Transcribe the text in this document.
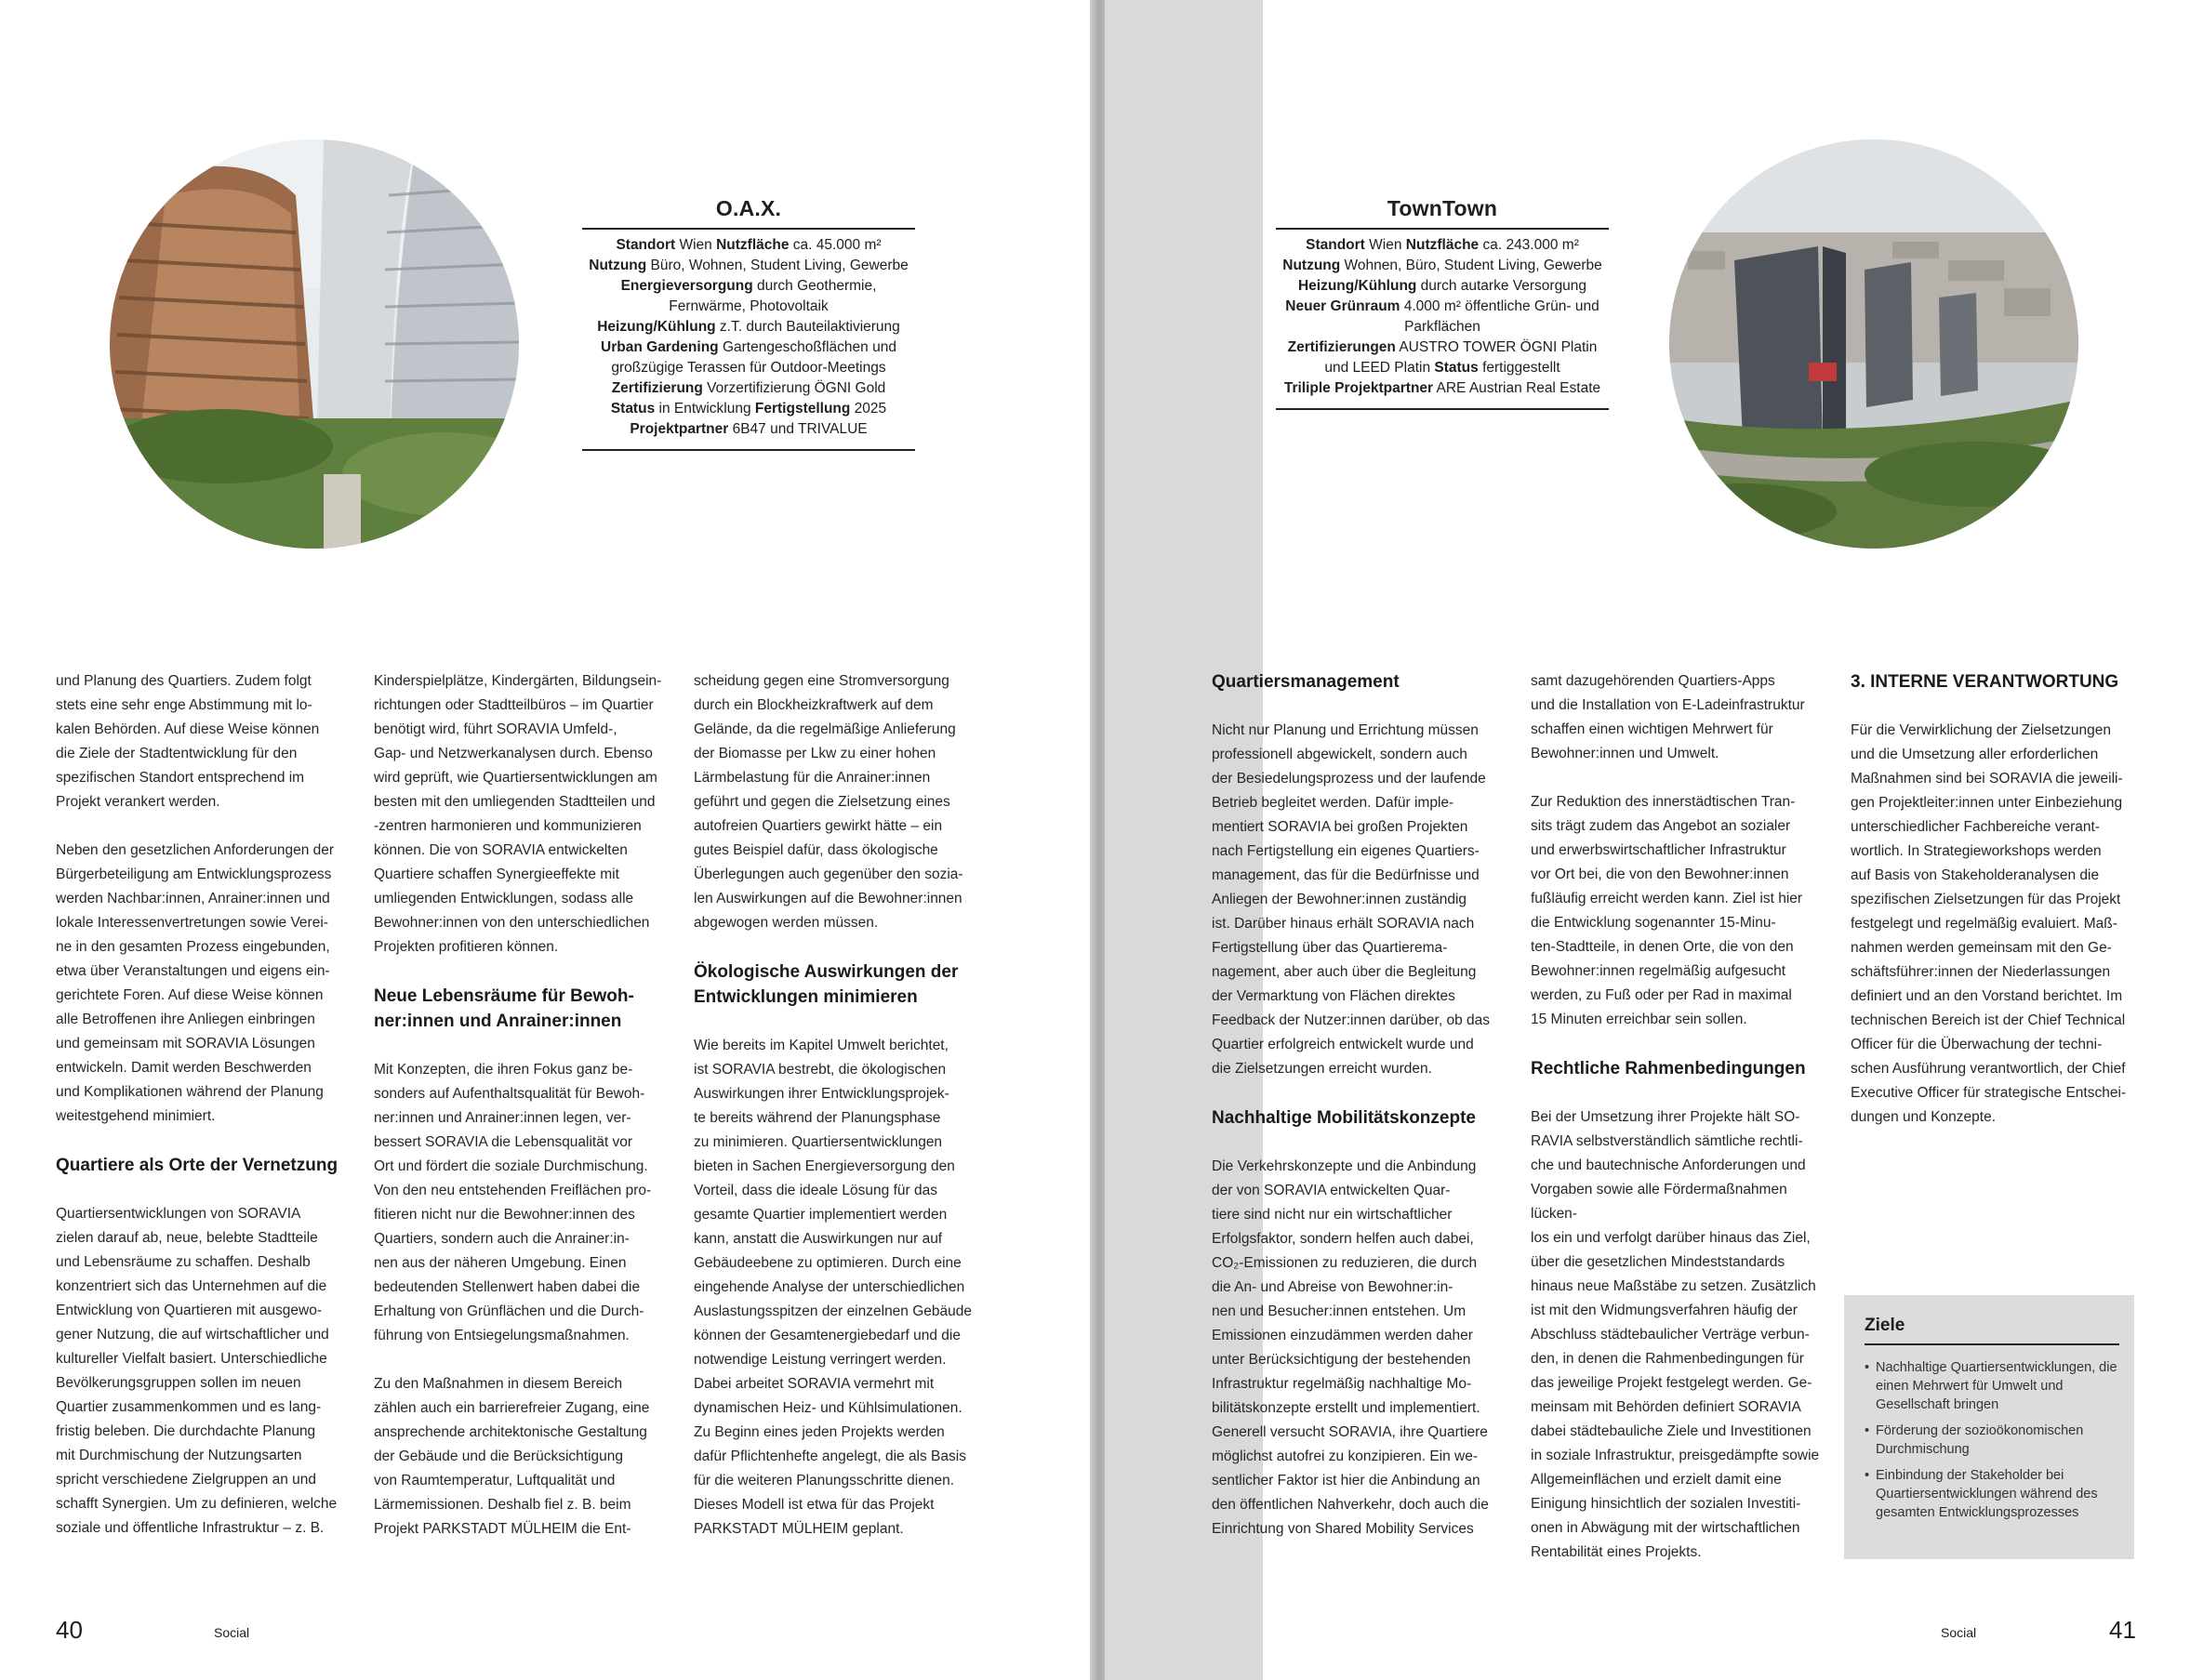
O.A.X.
Standort Wien Nutzfläche ca. 45.000 m²
Nutzung Büro, Wohnen, Student Living, Gewerbe
Energieversorgung durch Geothermie, Fernwärme, Photovoltaik
Heizung/Kühlung z.T. durch Bauteilaktivierung
Urban Gardening Gartengeschoßflächen und großzügige Terassen für Outdoor-Meetings
Zertifizierung Vorzertifizierung ÖGNI Gold
Status in Entwicklung Fertigstellung 2025
Projektpartner 6B47 und TRIVALUE

und Planung des Quartiers. Zudem folgt
stets eine sehr enge Abstimmung mit lo-
kalen Behörden. Auf diese Weise können
die Ziele der Stadtentwicklung für den
spezifischen Standort entsprechend im
Projekt verankert werden.

Neben den gesetzlichen Anforderungen der
Bürgerbeteiligung am Entwicklungsprozess
werden Nachbar:innen, Anrainer:innen und
lokale Interessenvertretungen sowie Verei-
ne in den gesamten Prozess eingebunden,
etwa über Veranstaltungen und eigens ein-
gerichtete Foren. Auf diese Weise können
alle Betroffenen ihre Anliegen einbringen
und gemeinsam mit SORAVIA Lösungen
entwickeln. Damit werden Beschwerden
und Komplikationen während der Planung
weitestgehend minimiert.

Quartiere als Orte der Vernetzung

Quartiersentwicklungen von SORAVIA
zielen darauf ab, neue, belebte Stadtteile
und Lebensräume zu schaffen. Deshalb
konzentriert sich das Unternehmen auf die
Entwicklung von Quartieren mit ausgewo-
gener Nutzung, die auf wirtschaftlicher und
kultureller Vielfalt basiert. Unterschiedliche
Bevölkerungsgruppen sollen im neuen
Quartier zusammenkommen und es lang-
fristig beleben. Die durchdachte Planung
mit Durchmischung der Nutzungsarten
spricht verschiedene Zielgruppen an und
schafft Synergien. Um zu definieren, welche
soziale und öffentliche Infrastruktur – z. B.

Kinderspielplätze, Kindergärten, Bildungsein-
richtungen oder Stadtteilbüros – im Quartier
benötigt wird, führt SORAVIA Umfeld-,
Gap- und Netzwerkanalysen durch. Ebenso
wird geprüft, wie Quartiersentwicklungen am
besten mit den umliegenden Stadtteilen und
-zentren harmonieren und kommunizieren
können. Die von SORAVIA entwickelten
Quartiere schaffen Synergieeffekte mit
umliegenden Entwicklungen, sodass alle
Bewohner:innen von den unterschiedlichen
Projekten profitieren können.

Neue Lebensräume für Bewoh-
ner:innen und Anrainer:innen

Mit Konzepten, die ihren Fokus ganz be-
sonders auf Aufenthaltsqualität für Bewoh-
ner:innen und Anrainer:innen legen, ver-
bessert SORAVIA die Lebensqualität vor
Ort und fördert die soziale Durchmischung.
Von den neu entstehenden Freiflächen pro-
fitieren nicht nur die Bewohner:innen des
Quartiers, sondern auch die Anrainer:in-
nen aus der näheren Umgebung. Einen
bedeutenden Stellenwert haben dabei die
Erhaltung von Grünflächen und die Durch-
führung von Entsiegelungsmaßnahmen.

Zu den Maßnahmen in diesem Bereich
zählen auch ein barrierefreier Zugang, eine
ansprechende architektonische Gestaltung
der Gebäude und die Berücksichtigung
von Raumtemperatur, Luftqualität und
Lärmemissionen. Deshalb fiel z. B. beim
Projekt PARKSTADT MÜLHEIM die Ent-

scheidung gegen eine Stromversorgung
durch ein Blockheizkraftwerk auf dem
Gelände, da die regelmäßige Anlieferung
der Biomasse per Lkw zu einer hohen
Lärmbelastung für die Anrainer:innen
geführt und gegen die Zielsetzung eines
autofreien Quartiers gewirkt hätte – ein
gutes Beispiel dafür, dass ökologische
Überlegungen auch gegenüber den sozia-
len Auswirkungen auf die Bewohner:innen
abgewogen werden müssen.

Ökologische Auswirkungen der
Entwicklungen minimieren

Wie bereits im Kapitel Umwelt berichtet,
ist SORAVIA bestrebt, die ökologischen
Auswirkungen ihrer Entwicklungsprojek-
te bereits während der Planungsphase
zu minimieren. Quartiersentwicklungen
bieten in Sachen Energieversorgung den
Vorteil, dass die ideale Lösung für das
gesamte Quartier implementiert werden
kann, anstatt die Auswirkungen nur auf
Gebäudeebene zu optimieren. Durch eine
eingehende Analyse der unterschiedlichen
Auslastungsspitzen der einzelnen Gebäude
können der Gesamtenergiebedarf und die
notwendige Leistung verringert werden.
Dabei arbeitet SORAVIA vermehrt mit
dynamischen Heiz- und Kühlsimulationen.
Zu Beginn eines jeden Projekts werden
dafür Pflichtenhefte angelegt, die als Basis
für die weiteren Planungsschritte dienen.
Dieses Modell ist etwa für das Projekt
PARKSTADT MÜLHEIM geplant.

40	Social
TownTown
Standort Wien Nutzfläche ca. 243.000 m²
Nutzung Wohnen, Büro, Student Living, Gewerbe
Heizung/Kühlung durch autarke Versorgung
Neuer Grünraum 4.000 m² öffentliche Grün- und Parkflächen
Zertifizierungen AUSTRO TOWER ÖGNI Platin und LEED Platin Status fertiggestellt
Triliple Projektpartner ARE Austrian Real Estate
Quartiersmanagement

Nicht nur Planung und Errichtung müssen
professionell abgewickelt, sondern auch
der Besiedelungsprozess und der laufende
Betrieb begleitet werden. Dafür imple-
mentiert SORAVIA bei großen Projekten
nach Fertigstellung ein eigenes Quartiers-
management, das für die Bedürfnisse und
Anliegen der Bewohner:innen zuständig
ist. Darüber hinaus erhält SORAVIA nach
Fertigstellung über das Quartierema-
nagement, aber auch über die Begleitung
der Vermarktung von Flächen direktes
Feedback der Nutzer:innen darüber, ob das
Quartier erfolgreich entwickelt wurde und
die Zielsetzungen erreicht wurden.

Nachhaltige Mobilitätskonzepte

Die Verkehrskonzepte und die Anbindung
der von SORAVIA entwickelten Quar-
tiere sind nicht nur ein wirtschaftlicher
Erfolgsfaktor, sondern helfen auch dabei,
CO₂-Emissionen zu reduzieren, die durch
die An- und Abreise von Bewohner:in-
nen und Besucher:innen entstehen. Um
Emissionen einzudämmen werden daher
unter Berücksichtigung der bestehenden
Infrastruktur regelmäßig nachhaltige Mo-
bilitätskonzepte erstellt und implementiert.
Generell versucht SORAVIA, ihre Quartiere
möglichst autofrei zu konzipieren. Ein we-
sentlicher Faktor ist hier die Anbindung an
den öffentlichen Nahverkehr, doch auch die
Einrichtung von Shared Mobility Services

samt dazugehörenden Quartiers-Apps
und die Installation von E-Ladeinfrastruktur
schaffen einen wichtigen Mehrwert für
Bewohner:innen und Umwelt.

Zur Reduktion des innerstädtischen Tran-
sits trägt zudem das Angebot an sozialer
und erwerbswirtschaftlicher Infrastruktur
vor Ort bei, die von den Bewohner:innen
fußläufig erreicht werden kann. Ziel ist hier
die Entwicklung sogenannter 15-Minu-
ten-Stadtteile, in denen Orte, die von den
Bewohner:innen regelmäßig aufgesucht
werden, zu Fuß oder per Rad in maximal
15 Minuten erreichbar sein sollen.

Rechtliche Rahmenbedingungen

Bei der Umsetzung ihrer Projekte hält SO-
RAVIA selbstverständlich sämtliche rechtli-
che und bautechnische Anforderungen und
Vorgaben sowie alle Fördermaßnahmen lücken-
los ein und verfolgt darüber hinaus das Ziel,
über die gesetzlichen Mindeststandards
hinaus neue Maßstäbe zu setzen. Zusätzlich
ist mit den Widmungsverfahren häufig der
Abschluss städtebaulicher Verträge verbun-
den, in denen die Rahmenbedingungen für
das jeweilige Projekt festgelegt werden. Ge-
meinsam mit Behörden definiert SORAVIA
dabei städtebauliche Ziele und Investitionen
in soziale Infrastruktur, preisgedämpfte sowie
Allgemeinflächen und erzielt damit eine
Einigung hinsichtlich der sozialen Investiti-
onen in Abwägung mit der wirtschaftlichen
Rentabilität eines Projekts.

3. INTERNE VERANTWORTUNG

Für die Verwirklichung der Zielsetzungen
und die Umsetzung aller erforderlichen
Maßnahmen sind bei SORAVIA die jeweili-
gen Projektleiter:innen unter Einbeziehung
unterschiedlicher Fachbereiche verant-
wortlich. In Strategieworkshops werden
auf Basis von Stakeholderanalysen die
spezifischen Zielsetzungen für das Projekt
festgelegt und regelmäßig evaluiert. Maß-
nahmen werden gemeinsam mit den Ge-
schäftsführer:innen der Niederlassungen
definiert und an den Vorstand berichtet. Im
technischen Bereich ist der Chief Technical
Officer für die Überwachung der techni-
schen Ausführung verantwortlich, der Chief
Executive Officer für strategische Entschei-
dungen und Konzepte.

Ziele
• Nachhaltige Quartiersentwicklungen, die einen Mehrwert für Umwelt und Gesellschaft bringen
• Förderung der sozioökonomischen Durchmischung
• Einbindung der Stakeholder bei Quartiersentwicklungen während des gesamten Entwicklungsprozesses
Social	41
